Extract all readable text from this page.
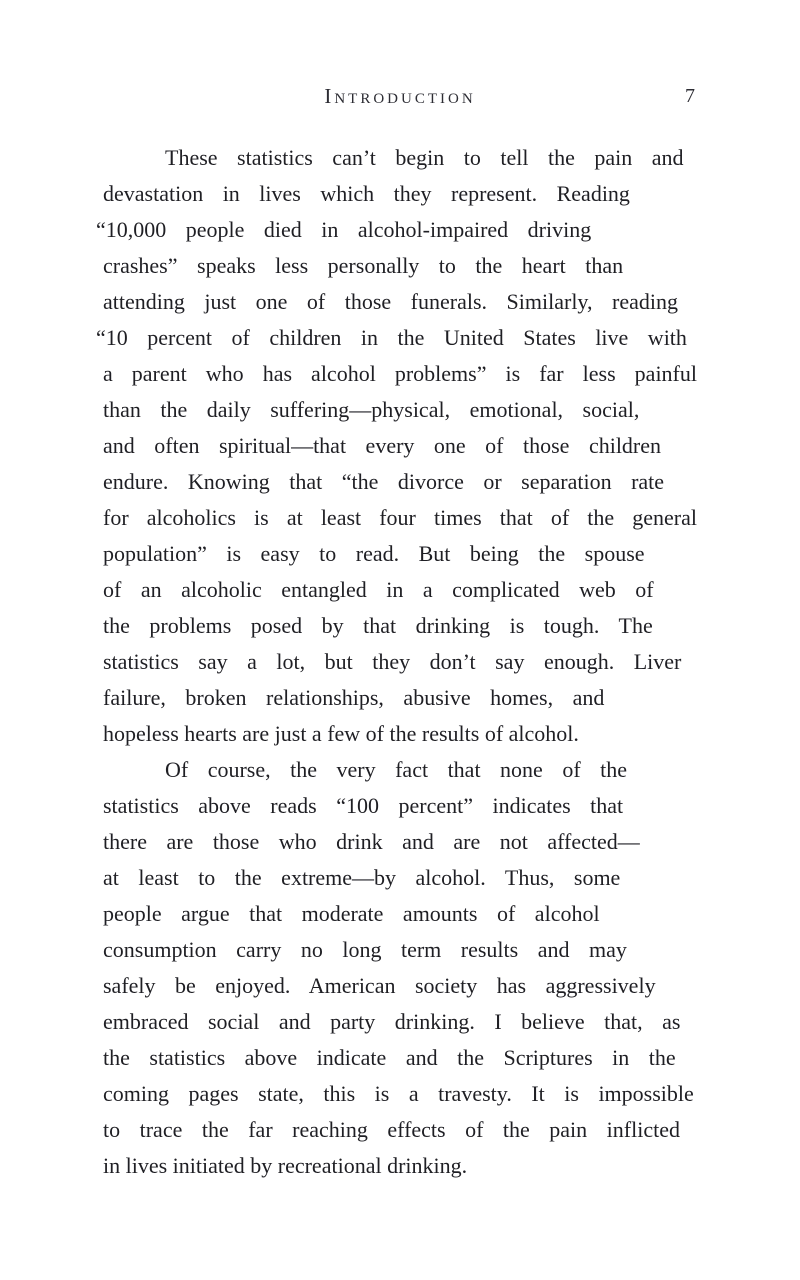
Introduction	7
These statistics can’t begin to tell the pain and
devastation in lives which they represent. Reading
“10,000 people died in alcohol-impaired driving
crashes” speaks less personally to the heart than
attending just one of those funerals. Similarly, reading
“10 percent of children in the United States live with
a parent who has alcohol problems” is far less painful
than the daily suffering—physical, emotional, social,
and often spiritual—that every one of those children
endure. Knowing that “the divorce or separation rate
for alcoholics is at least four times that of the general
population” is easy to read. But being the spouse
of an alcoholic entangled in a complicated web of
the problems posed by that drinking is tough. The
statistics say a lot, but they don’t say enough. Liver
failure, broken relationships, abusive homes, and
hopeless hearts are just a few of the results of alcohol.
Of course, the very fact that none of the
statistics above reads “100 percent” indicates that
there are those who drink and are not affected—
at least to the extreme—by alcohol. Thus, some
people argue that moderate amounts of alcohol
consumption carry no long term results and may
safely be enjoyed. American society has aggressively
embraced social and party drinking. I believe that, as
the statistics above indicate and the Scriptures in the
coming pages state, this is a travesty. It is impossible
to trace the far reaching effects of the pain inflicted
in lives initiated by recreational drinking.
